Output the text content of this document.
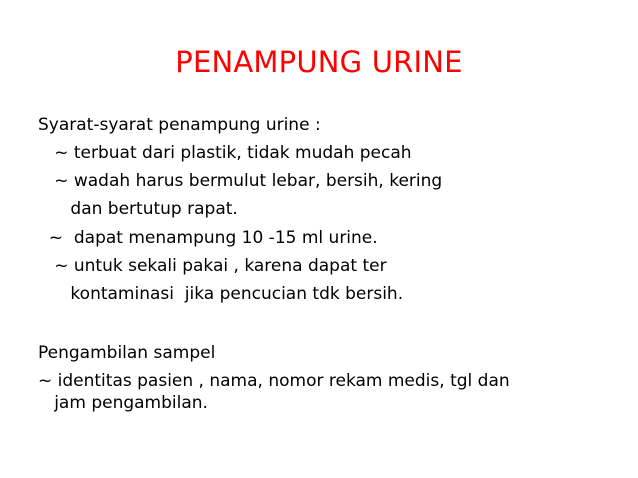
PENAMPUNG URINE
Syarat-syarat penampung urine :
~ terbuat dari plastik, tidak mudah pecah
~ wadah harus bermulut lebar, bersih, kering
dan bertutup rapat.
~  dapat menampung 10 -15 ml urine.
~ untuk sekali pakai , karena dapat ter
kontaminasi  jika pencucian tdk bersih.
Pengambilan sampel
~ identitas pasien , nama, nomor rekam medis, tgl dan
jam pengambilan.
